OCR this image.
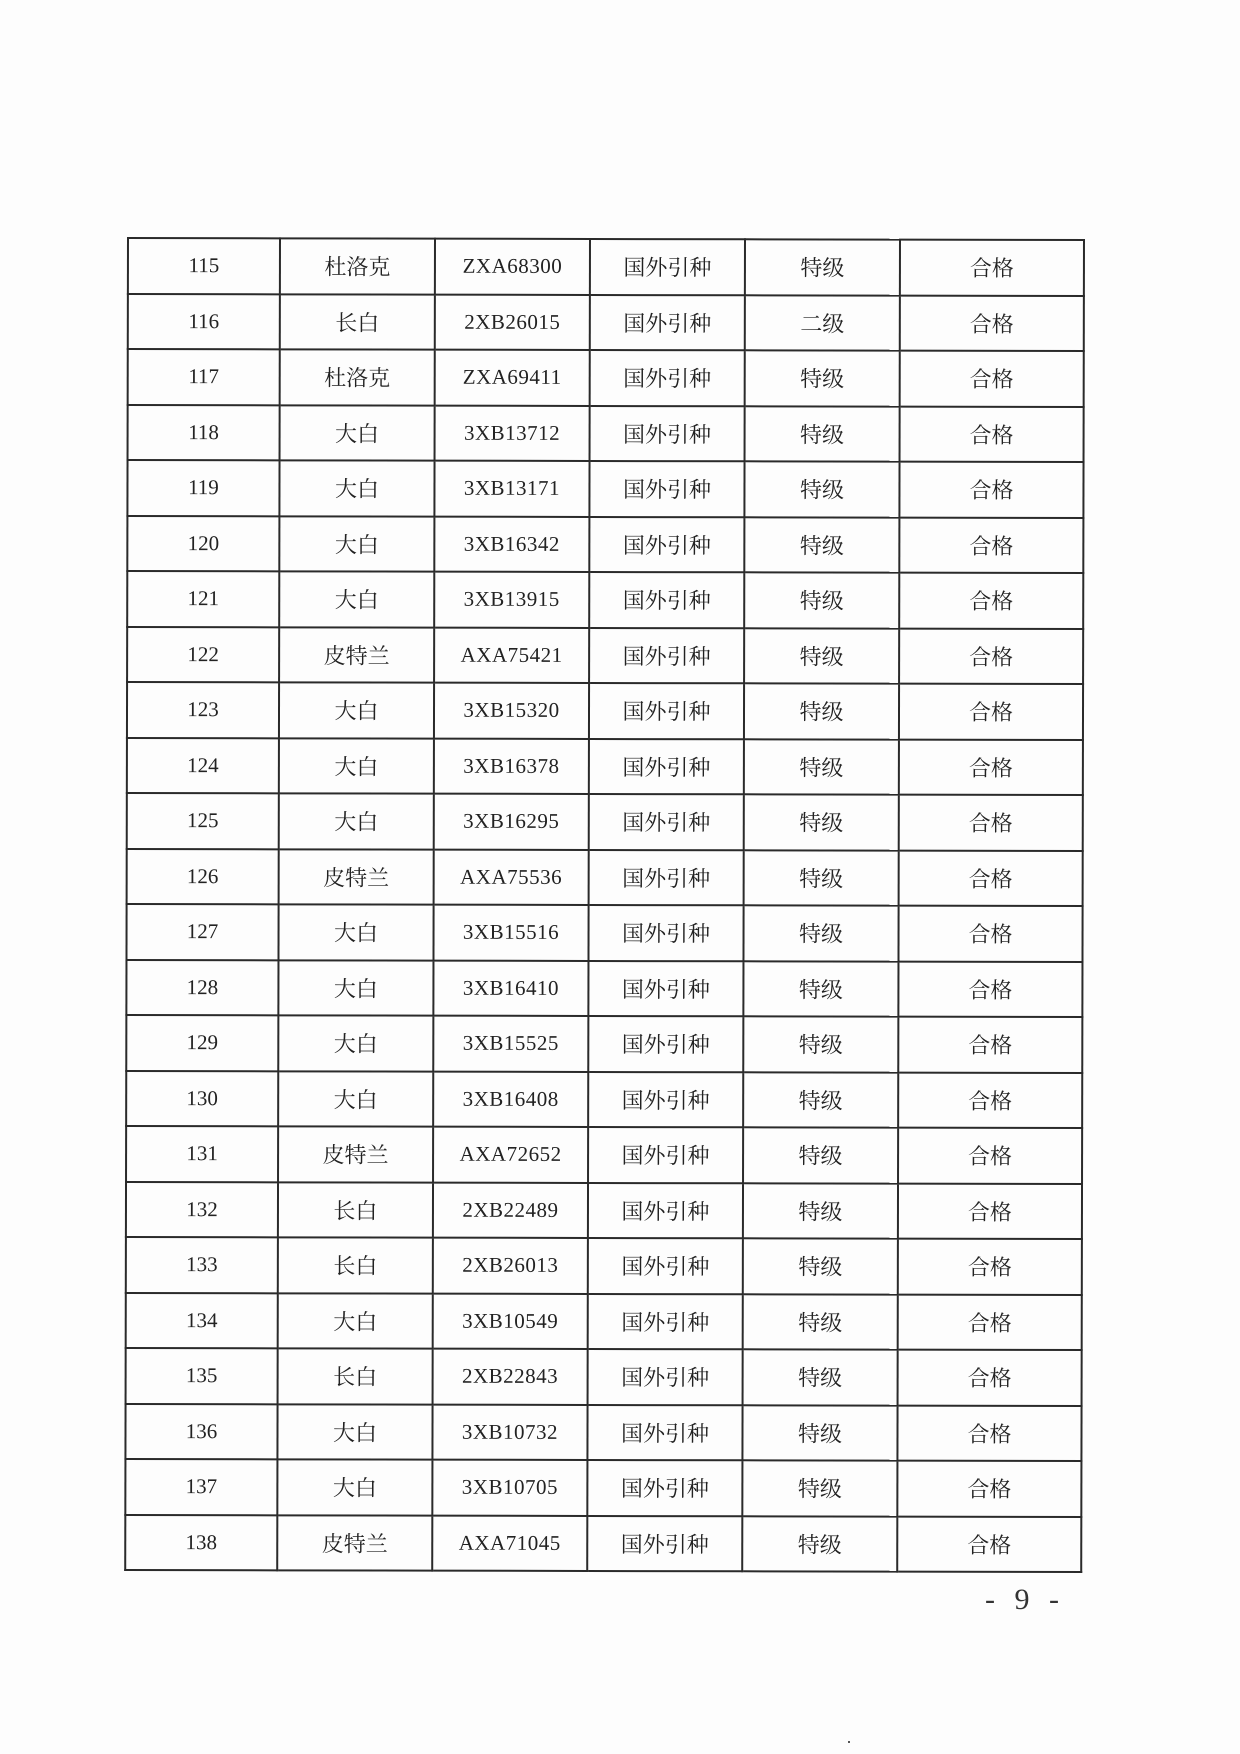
115	杜洛克	ZXA68300	国外引种	特级	合格
116	长白	2XB26015	国外引种	二级	合格
117	杜洛克	ZXA69411	国外引种	特级	合格
118	大白	3XB13712	国外引种	特级	合格
119	大白	3XB13171	国外引种	特级	合格
120	大白	3XB16342	国外引种	特级	合格
121	大白	3XB13915	国外引种	特级	合格
122	皮特兰	AXA75421	国外引种	特级	合格
123	大白	3XB15320	国外引种	特级	合格
124	大白	3XB16378	国外引种	特级	合格
125	大白	3XB16295	国外引种	特级	合格
126	皮特兰	AXA75536	国外引种	特级	合格
127	大白	3XB15516	国外引种	特级	合格
128	大白	3XB16410	国外引种	特级	合格
129	大白	3XB15525	国外引种	特级	合格
130	大白	3XB16408	国外引种	特级	合格
131	皮特兰	AXA72652	国外引种	特级	合格
132	长白	2XB22489	国外引种	特级	合格
133	长白	2XB26013	国外引种	特级	合格
134	大白	3XB10549	国外引种	特级	合格
135	长白	2XB22843	国外引种	特级	合格
136	大白	3XB10732	国外引种	特级	合格
137	大白	3XB10705	国外引种	特级	合格
138	皮特兰	AXA71045	国外引种	特级	合格
- 9 -
